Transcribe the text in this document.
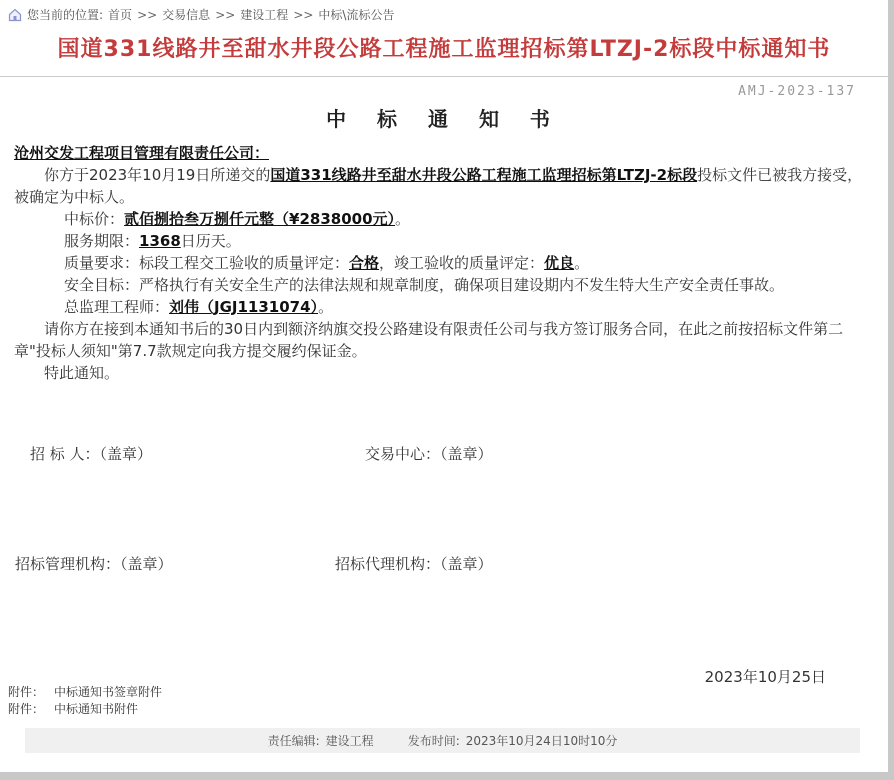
您当前的位置: 首页 >> 交易信息 >> 建设工程 >> 中标\流标公告
国道331线路井至甜水井段公路工程施工监理招标第LTZJ-2标段中标通知书
AMJ-2023-137
中 标 通 知 书

沧州交发工程项目管理有限责任公司：

你方于2023年10月19日所递交的国道331线路井至甜水井段公路工程施工监理招标第LTZJ-2标段投标文件已被我方接受，被确定为中标人。

中标价：贰佰捌拾叁万捌仟元整（¥2838000元）。

服务期限：1368日历天。

质量要求：标段工程交工验收的质量评定：合格，竣工验收的质量评定：优良。

安全目标：严格执行有关安全生产的法律法规和规章制度，确保项目建设期内不发生特大生产安全责任事故。

总监理工程师：刘伟（JGJ1131074）。

请你方在接到本通知书后的30日内到额济纳旗交投公路建设有限责任公司与我方签订服务合同，在此之前按招标文件第二章"投标人须知"第7.7款规定向我方提交履约保证金。

特此通知。

招 标 人：（盖章）	交易中心：（盖章）
招标管理机构：（盖章）	招标代理机构：（盖章）
2023年10月25日
附件： 中标通知书签章附件
附件： 中标通知书附件
责任编辑: 建设工程	发布时间: 2023年10月24日10时10分
